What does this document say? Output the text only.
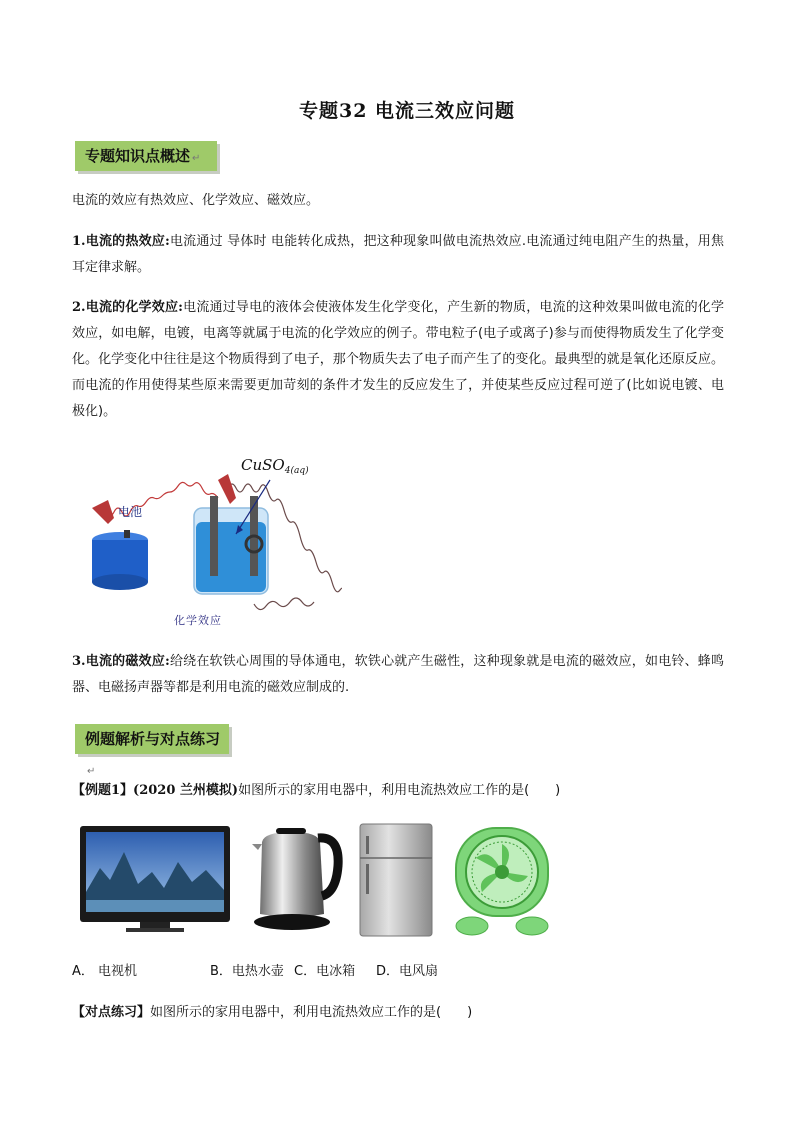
专题32 电流三效应问题
专题知识点概述 ↵
电流的效应有热效应、化学效应、磁效应。
1.电流的热效应:电流通过 导体时 电能转化成热，把这种现象叫做电流热效应.电流通过纯电阻产生的热量，用焦耳定律求解。
2.电流的化学效应:电流通过导电的液体会使液体发生化学变化，产生新的物质，电流的这种效果叫做电流的化学效应，如电解，电镀，电离等就属于电流的化学效应的例子。带电粒子(电子或离子)参与而使得物质发生了化学变化。化学变化中往往是这个物质得到了电子，那个物质失去了电子而产生了的变化。最典型的就是氧化还原反应。而电流的作用使得某些原来需要更加苛刻的条件才发生的反应发生了，并使某些反应过程可逆了(比如说电镀、电极化)。
电池
CuSO$_{4(aq)}$
化学效应
3.电流的磁效应:给绕在软铁心周围的导体通电，软铁心就产生磁性，这种现象就是电流的磁效应，如电铃、蜂鸣器、电磁扬声器等都是利用电流的磁效应制成的.
例题解析与对点练习↵
【例题1】(2020 兰州模拟)如图所示的家用电器中，利用电流热效应工作的是(　　)
A． 电视机	B．电热水壶 C．电冰箱 D．电风扇
【对点练习】如图所示的家用电器中，利用电流热效应工作的是(　　)
